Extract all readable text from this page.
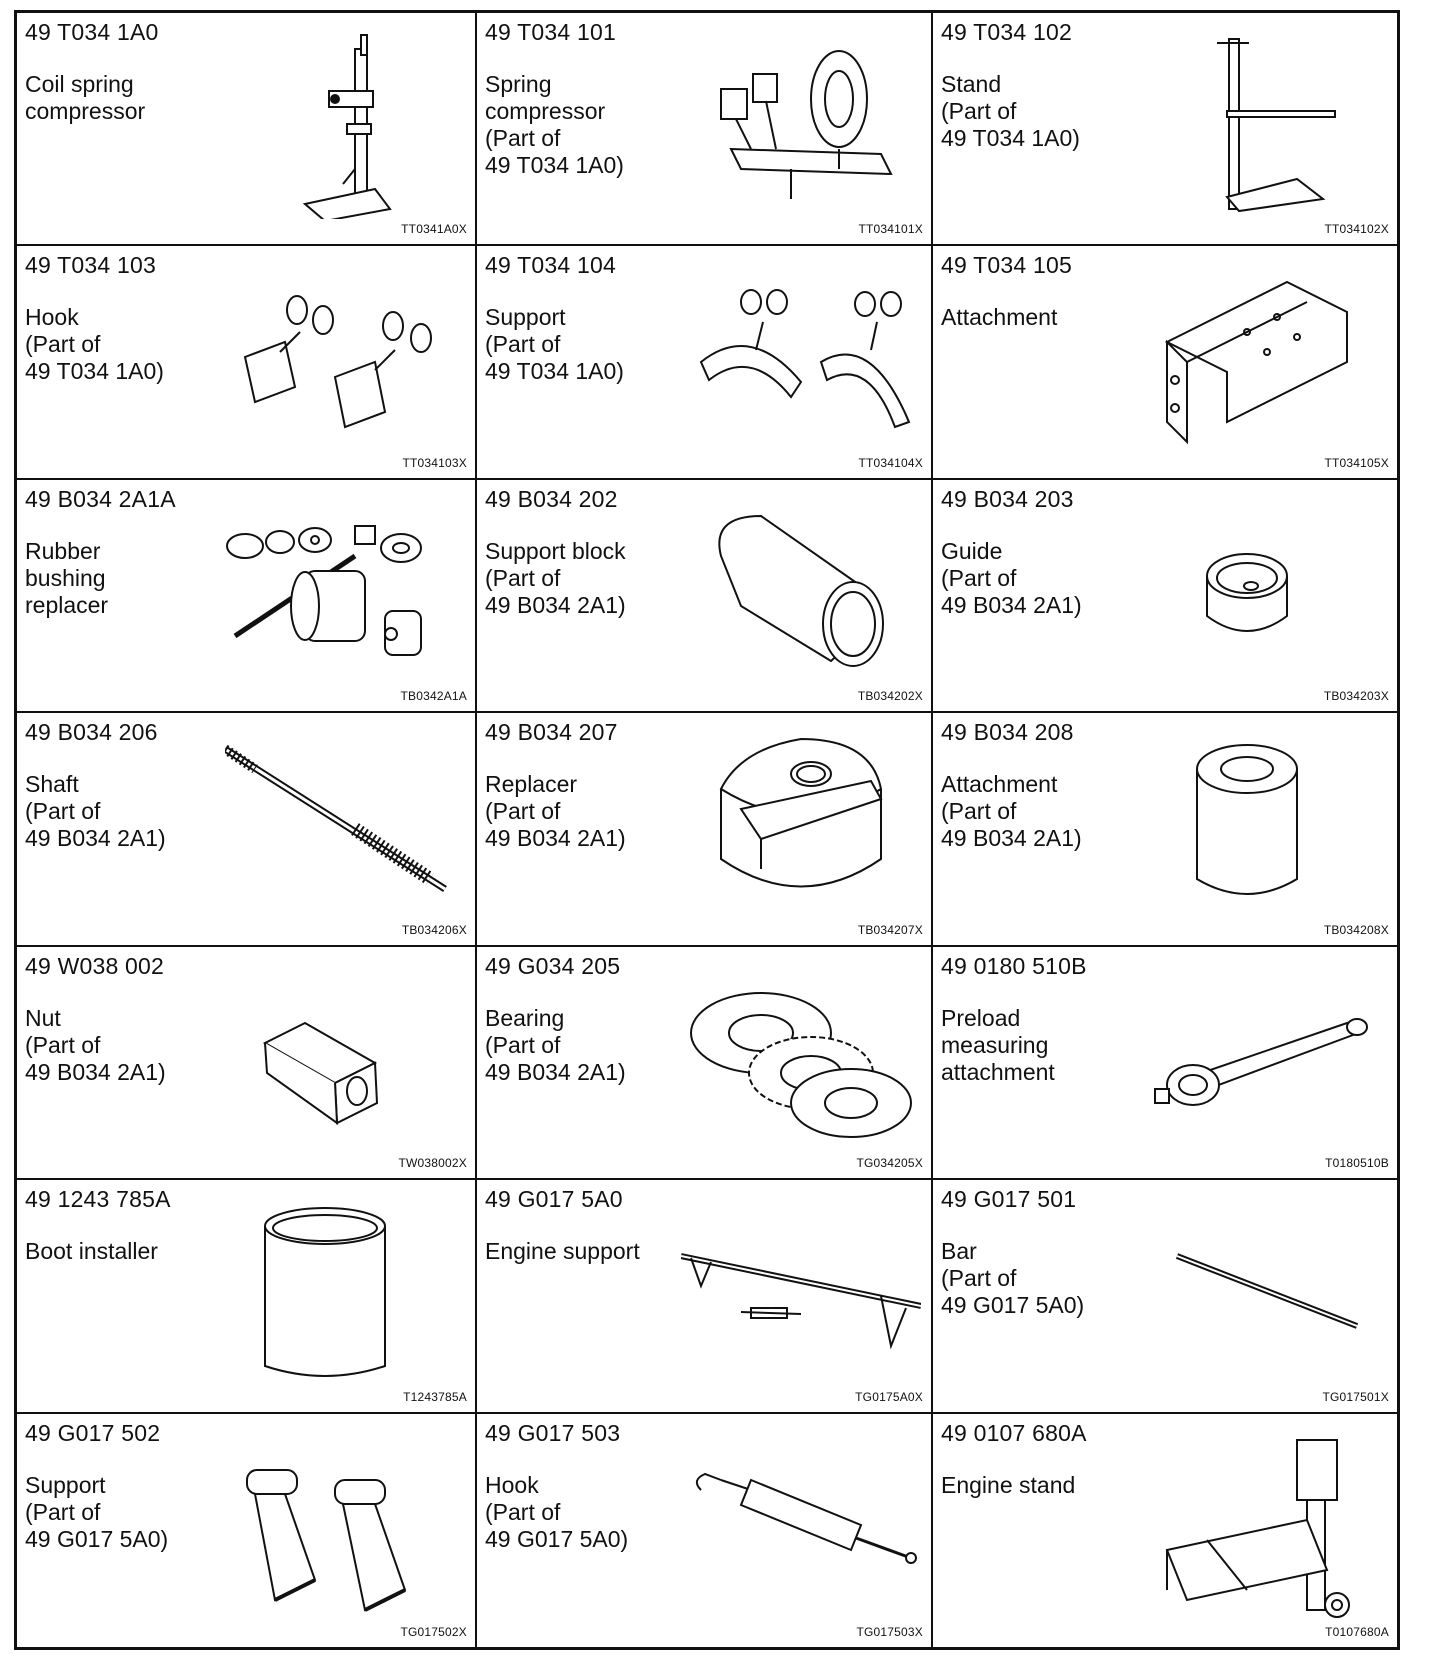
49 T034 1A0
Coil spring
compressor
TT0341A0X
49 T034 101
Spring
compressor
(Part of
49 T034 1A0)
TT034101X
49 T034 102
Stand
(Part of
49 T034 1A0)
TT034102X
49 T034 103
Hook
(Part of
49 T034 1A0)
TT034103X
49 T034 104
Support
(Part of
49 T034 1A0)
TT034104X
49 T034 105
Attachment
TT034105X
49 B034 2A1A
Rubber
bushing
replacer
TB0342A1A
49 B034 202
Support block
(Part of
49 B034 2A1)
TB034202X
49 B034 203
Guide
(Part of
49 B034 2A1)
TB034203X
49 B034 206
Shaft
(Part of
49 B034 2A1)
TB034206X
49 B034 207
Replacer
(Part of
49 B034 2A1)
TB034207X
49 B034 208
Attachment
(Part of
49 B034 2A1)
TB034208X
49 W038 002
Nut
(Part of
49 B034 2A1)
TW038002X
49 G034 205
Bearing
(Part of
49 B034 2A1)
TG034205X
49 0180 510B
Preload
measuring
attachment
T0180510B
49 1243 785A
Boot installer
T1243785A
49 G017 5A0
Engine support
TG0175A0X
49 G017 501
Bar
(Part of
49 G017 5A0)
TG017501X
49 G017 502
Support
(Part of
49 G017 5A0)
TG017502X
49 G017 503
Hook
(Part of
49 G017 5A0)
TG017503X
49 0107 680A
Engine stand
T0107680A
